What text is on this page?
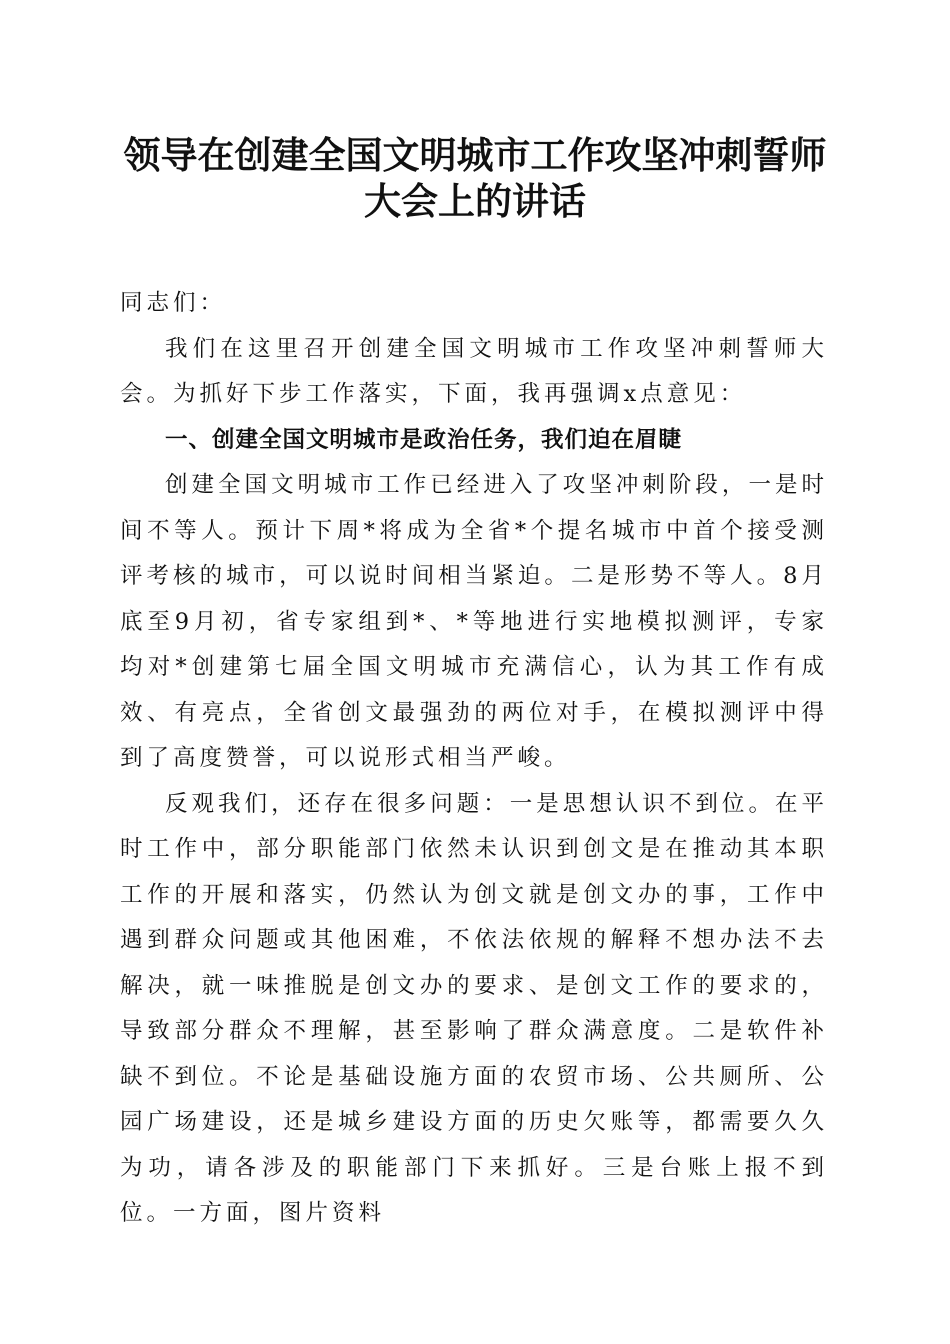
领导在创建全国文明城市工作攻坚冲刺誓师大会上的讲话

同志们：

我们在这里召开创建全国文明城市工作攻坚冲刺誓师大会。为抓好下步工作落实，下面，我再强调x点意见：

一、创建全国文明城市是政治任务，我们迫在眉睫

创建全国文明城市工作已经进入了攻坚冲刺阶段，一是时间不等人。预计下周*将成为全省*个提名城市中首个接受测评考核的城市，可以说时间相当紧迫。二是形势不等人。8月底至9月初，省专家组到*、*等地进行实地模拟测评，专家均对*创建第七届全国文明城市充满信心，认为其工作有成效、有亮点，全省创文最强劲的两位对手，在模拟测评中得到了高度赞誉，可以说形式相当严峻。

反观我们，还存在很多问题：一是思想认识不到位。在平时工作中，部分职能部门依然未认识到创文是在推动其本职工作的开展和落实，仍然认为创文就是创文办的事，工作中遇到群众问题或其他困难，不依法依规的解释不想办法不去解决，就一味推脱是创文办的要求、是创文工作的要求的，导致部分群众不理解，甚至影响了群众满意度。二是软件补缺不到位。不论是基础设施方面的农贸市场、公共厕所、公园广场建设，还是城乡建设方面的历史欠账等，都需要久久为功，请各涉及的职能部门下来抓好。三是台账上报不到位。一方面，图片资料
